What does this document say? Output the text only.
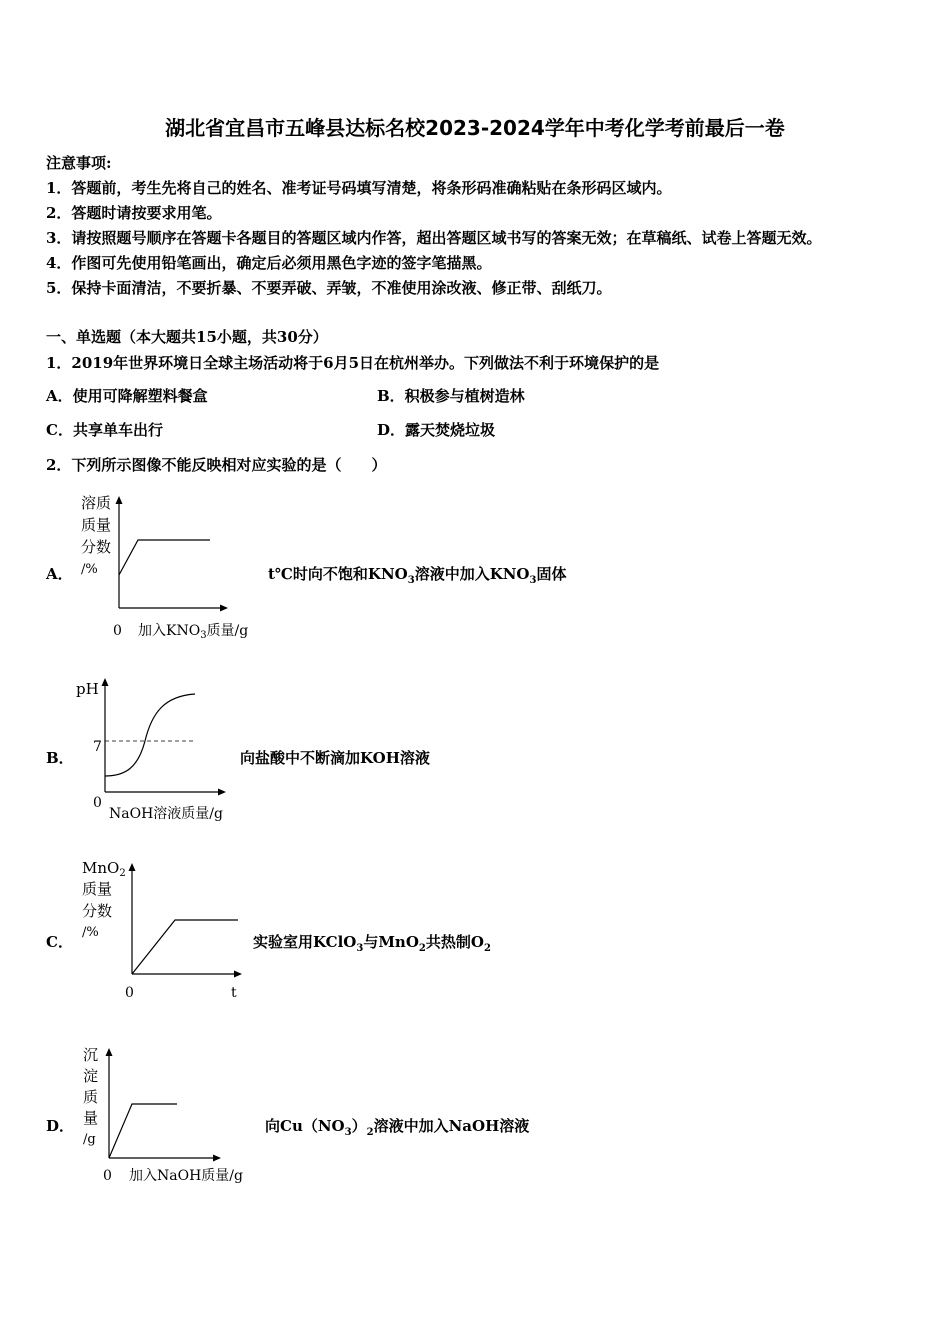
湖北省宜昌市五峰县达标名校2023-2024学年中考化学考前最后一卷
注意事项:
1．答题前，考生先将自己的姓名、准考证号码填写清楚，将条形码准确粘贴在条形码区域内。
2．答题时请按要求用笔。
3．请按照题号顺序在答题卡各题目的答题区域内作答，超出答题区域书写的答案无效；在草稿纸、试卷上答题无效。
4．作图可先使用铅笔画出，确定后必须用黑色字迹的签字笔描黑。
5．保持卡面清洁，不要折暴、不要弄破、弄皱，不准使用涂改液、修正带、刮纸刀。
一、单选题（本大题共15小题，共30分）
1．2019年世界环境日全球主场活动将于6月5日在杭州举办。下列做法不利于环境保护的是
A．使用可降解塑料餐盒	B．积极参与植树造林
C．共享单车出行	D．露天焚烧垃圾
2．下列所示图像不能反映相对应实验的是（　　）
A．
溶质
质量
分数
/%
0 加入$KNO_3$质量/g
t℃时向不饱和$KNO_3$溶液中加入$KNO_3$固体
B．
pH
7
0
NaOH溶液质量/g
向盐酸中不断滴加KOH溶液
C．
MnO$_2$
质量
分数
/%
0	t
实验室用KClO$_3$与MnO$_2$共热制$O_2$
D．
沉
淀
质
量
/g
0 加入NaOH质量/g
向$Cu(NO_3)_2$溶液中加入NaOH溶液
